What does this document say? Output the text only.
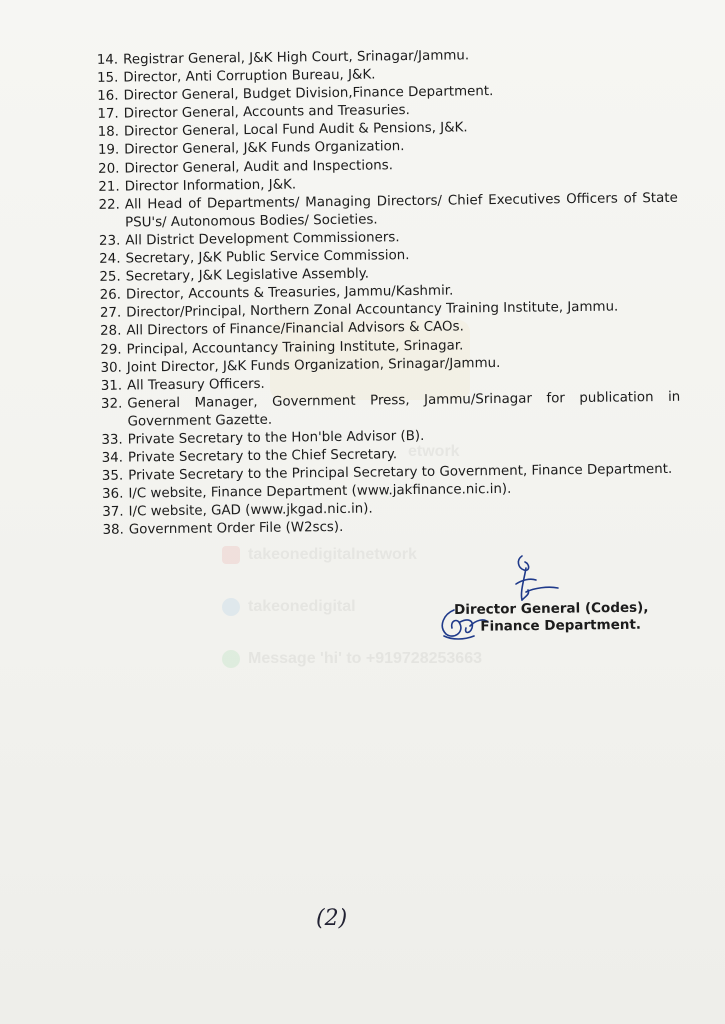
etwork
takeonedigitalnetwork
takeonedigital
Message 'hi' to +919728253663
14. Registrar General, J&K High Court, Srinagar/Jammu.
15. Director, Anti Corruption Bureau, J&K.
16. Director General, Budget Division,Finance Department.
17. Director General, Accounts and Treasuries.
18. Director General, Local Fund Audit & Pensions, J&K.
19. Director General, J&K Funds Organization.
20. Director General, Audit and Inspections.
21. Director Information, J&K.
22. All Head of Departments/ Managing Directors/ Chief Executives Officers of State PSU's/ Autonomous Bodies/ Societies.
23. All District Development Commissioners.
24. Secretary, J&K Public Service Commission.
25. Secretary, J&K Legislative Assembly.
26. Director, Accounts & Treasuries, Jammu/Kashmir.
27. Director/Principal, Northern Zonal Accountancy Training Institute, Jammu.
28. All Directors of Finance/Financial Advisors & CAOs.
29. Principal, Accountancy Training Institute, Srinagar.
30. Joint Director, J&K Funds Organization, Srinagar/Jammu.
31. All Treasury Officers.
32. General Manager, Government Press, Jammu/Srinagar for publication in Government Gazette.
33. Private Secretary to the Hon'ble Advisor (B).
34. Private Secretary to the Chief Secretary.
35. Private Secretary to the Principal Secretary to Government, Finance Department.
36. I/C website, Finance Department (www.jakfinance.nic.in).
37. I/C website, GAD (www.jkgad.nic.in).
38. Government Order File (W2scs).
Director General (Codes),
Finance Department.
(2)
